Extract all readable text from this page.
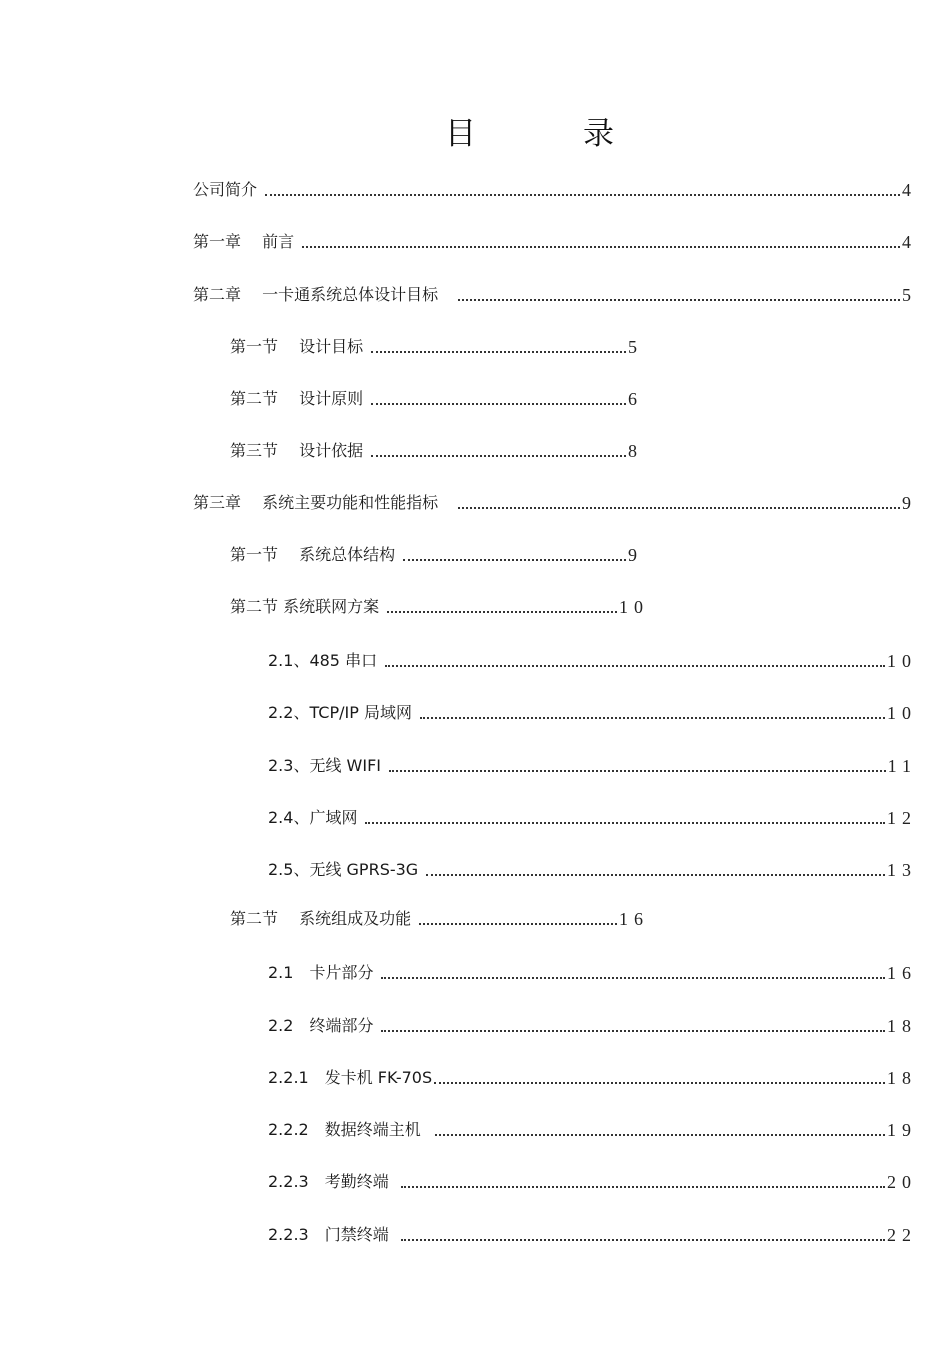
目　录
公司简介	4
第一章　 前言	4
第二章　 一卡通系统总体设计目标	5
第一节　 设计目标	5
第二节　 设计原则	6
第三节　 设计依据	8
第三章　 系统主要功能和性能指标	9
第一节　 系统总体结构	9
第二节 系统联网方案	10
2.1、485 串口	10
2.2、TCP/IP 局域网	10
2.3、无线 WIFI	11
2.4、广域网	12
2.5、无线 GPRS-3G	13
第二节　 系统组成及功能	16
2.1　卡片部分	16
2.2　终端部分	18
2.2.1　发卡机 FK-70S	18
2.2.2　数据终端主机	19
2.2.3　考勤终端	20
2.2.3　门禁终端	22
